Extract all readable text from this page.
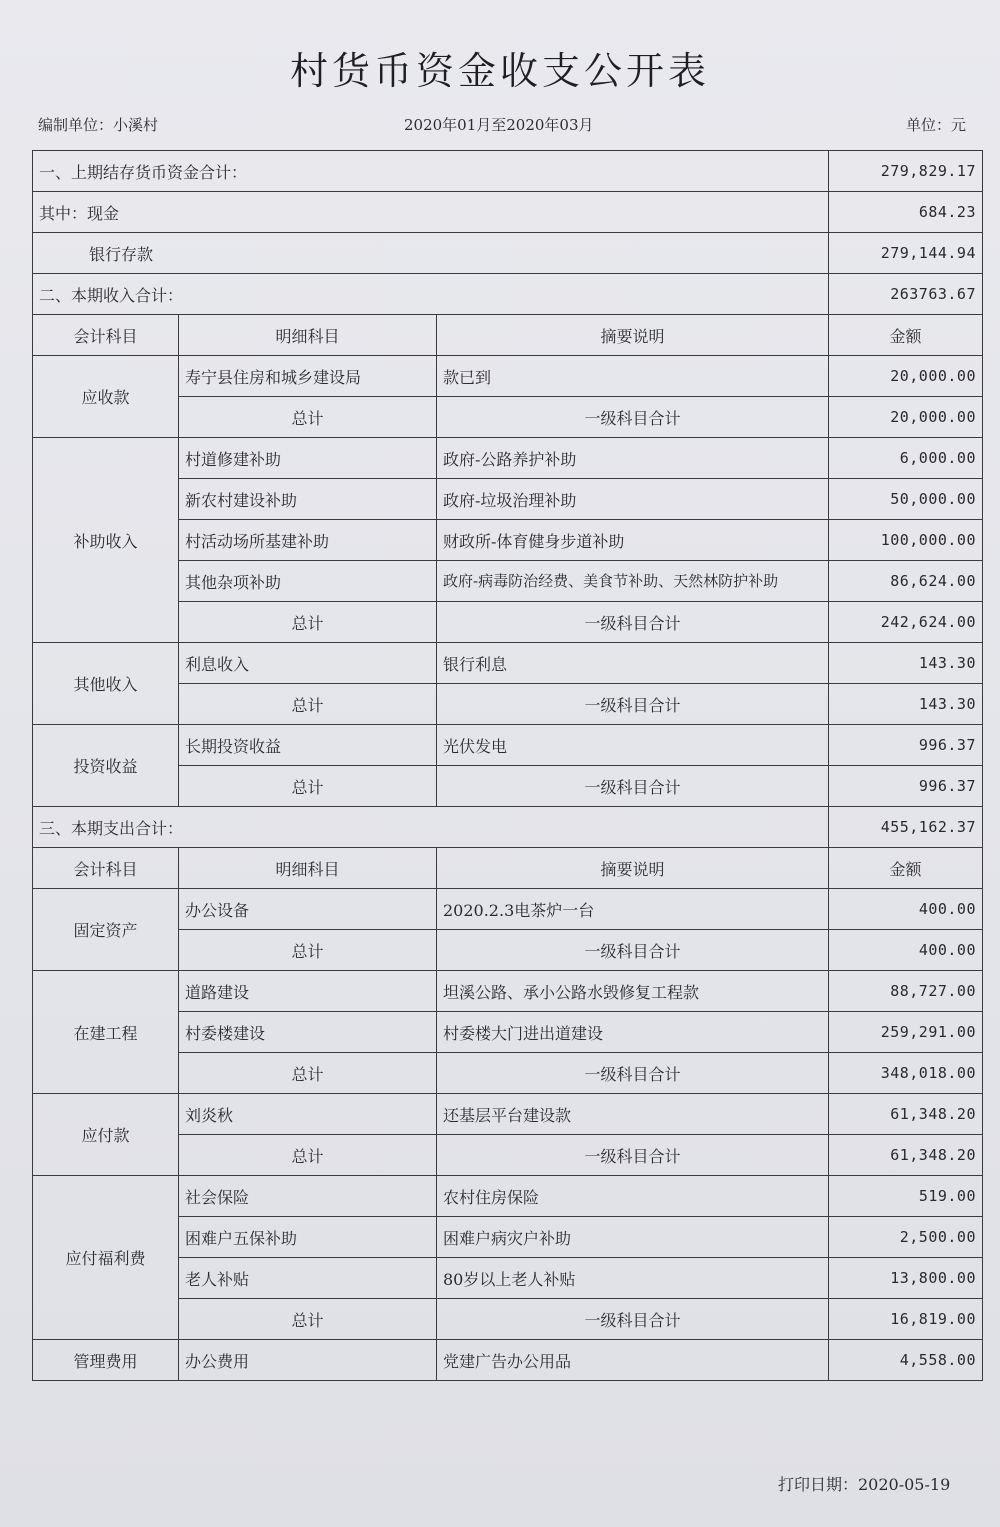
村货币资金收支公开表
编制单位：小溪村	2020年01月至2020年03月	单位：元
一、上期结存货币资金合计：			279,829.17
其中：现金			684.23
银行存款			279,144.94
二、本期收入合计：			263763.67
会计科目	明细科目	摘要说明	金额
应收款	寿宁县住房和城乡建设局	款已到	20,000.00
	总计	一级科目合计	20,000.00
补助收入	村道修建补助	政府-公路养护补助	6,000.00
	新农村建设补助	政府-垃圾治理补助	50,000.00
	村活动场所基建补助	财政所-体育健身步道补助	100,000.00
	其他杂项补助	政府-病毒防治经费、美食节补助、天然林防护补助	86,624.00
	总计	一级科目合计	242,624.00
其他收入	利息收入	银行利息	143.30
	总计	一级科目合计	143.30
投资收益	长期投资收益	光伏发电	996.37
	总计	一级科目合计	996.37
三、本期支出合计：			455,162.37
会计科目	明细科目	摘要说明	金额
固定资产	办公设备	2020.2.3电茶炉一台	400.00
	总计	一级科目合计	400.00
在建工程	道路建设	坦溪公路、承小公路水毁修复工程款	88,727.00
	村委楼建设	村委楼大门进出道建设	259,291.00
	总计	一级科目合计	348,018.00
应付款	刘炎秋	还基层平台建设款	61,348.20
	总计	一级科目合计	61,348.20
应付福利费	社会保险	农村住房保险	519.00
	困难户五保补助	困难户病灾户补助	2,500.00
	老人补贴	80岁以上老人补贴	13,800.00
	总计	一级科目合计	16,819.00
管理费用	办公费用	党建广告办公用品	4,558.00
打印日期：2020-05-19
